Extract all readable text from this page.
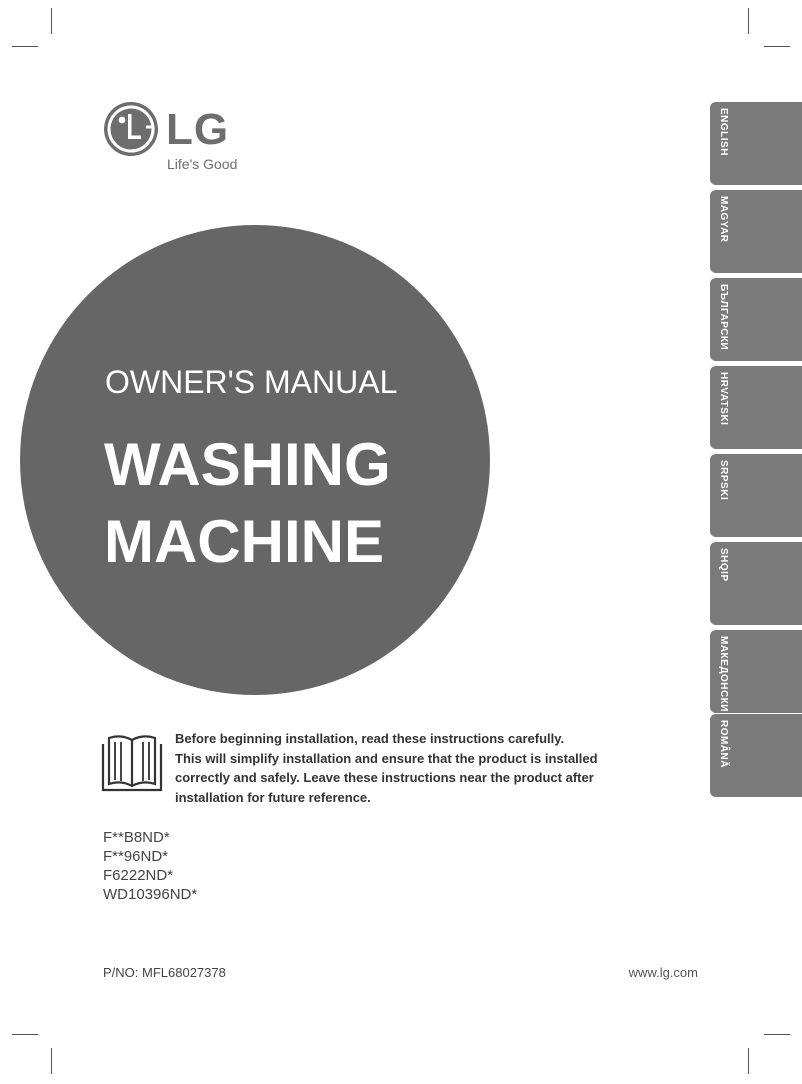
LG
Life's Good
OWNER'S MANUAL
WASHING
MACHINE
Before beginning installation, read these instructions carefully.
This will simplify installation and ensure that the product is installed
correctly and safely. Leave these instructions near the product after
installation for future reference.
F**B8ND*
F**96ND*
F6222ND*
WD10396ND*
P/NO: MFL68027378	www.lg.com
ENGLISH
MAGYAR
БЪЛГАРСКИ
HRVATSKI
SRPSKI
SHQIP
МАКЕДОНСКИ
ROMÂNĂ
